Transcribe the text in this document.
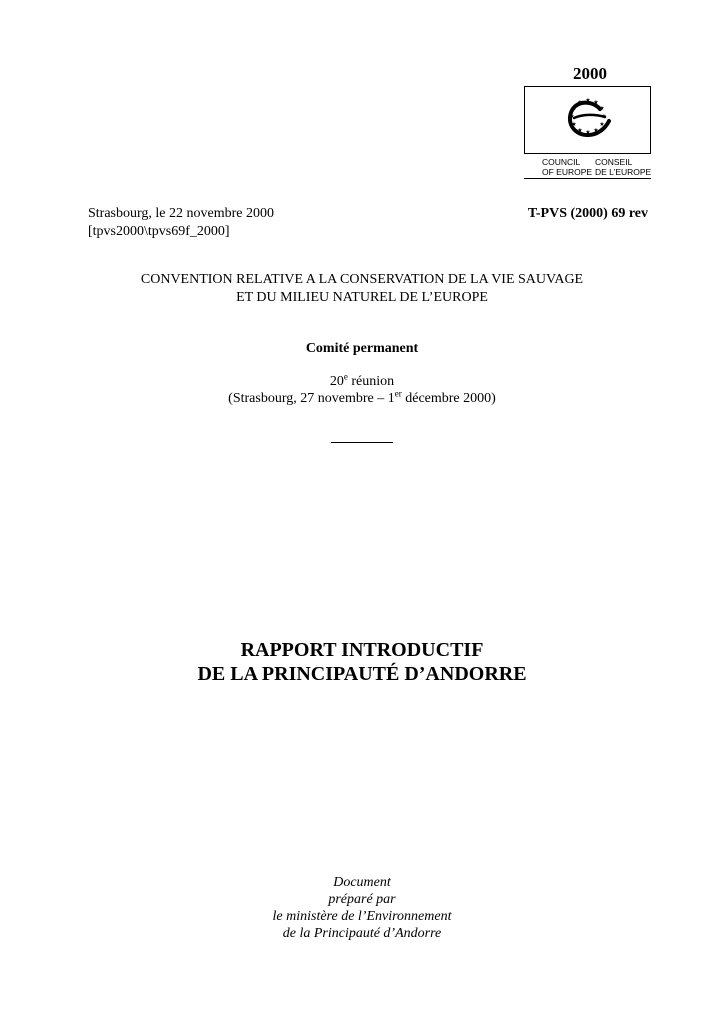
2000
★ ★
★
★
★
★
★
★
★
★
★
★
COUNCIL
OF EUROPE
CONSEIL
DE L’EUROPE
Strasbourg, le 22 novembre 2000
[tpvs2000\tpvs69f_2000]
T-PVS (2000) 69 rev
CONVENTION RELATIVE A LA CONSERVATION DE LA VIE SAUVAGE
ET DU MILIEU NATUREL DE L’EUROPE
Comité permanent
20e réunion
(Strasbourg, 27 novembre – 1er décembre 2000)
RAPPORT INTRODUCTIF
DE LA PRINCIPAUTÉ D’ANDORRE
Document
préparé par
le ministère de l’Environnement
de la Principauté d’Andorre
